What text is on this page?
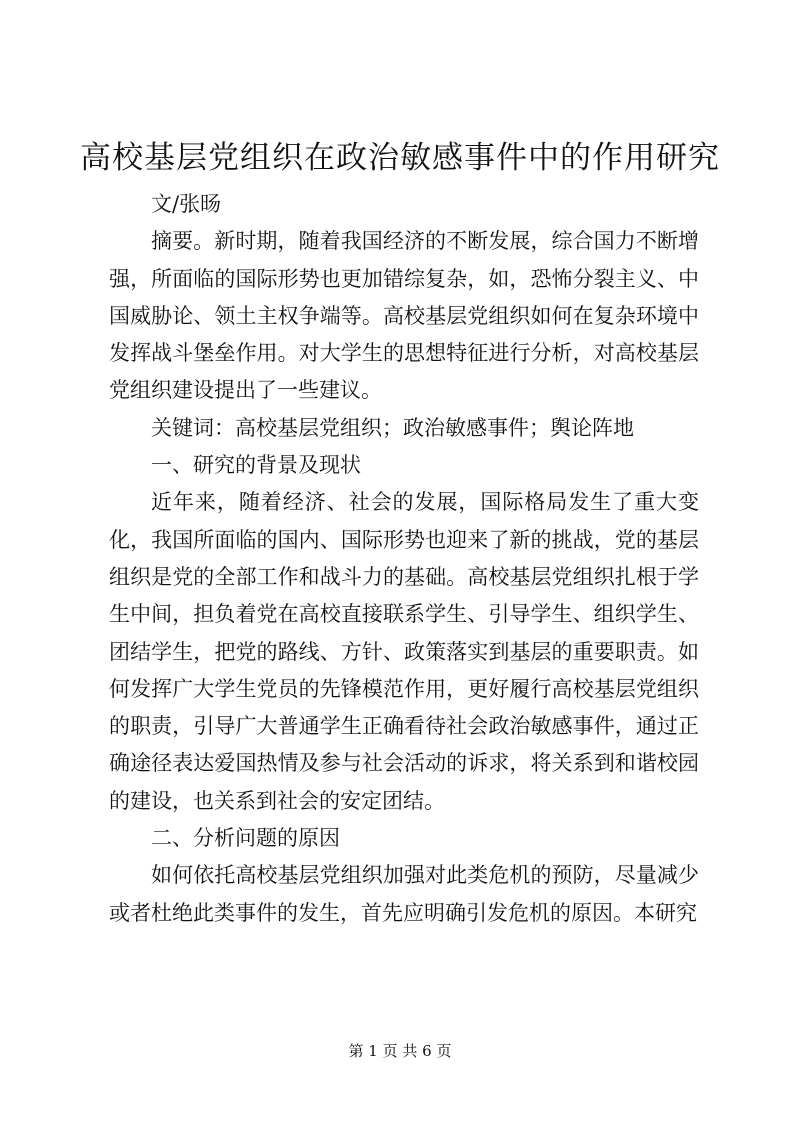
高校基层党组织在政治敏感事件中的作用研究

文/张旸

摘要。新时期，随着我国经济的不断发展，综合国力不断增强，所面临的国际形势也更加错综复杂，如，恐怖分裂主义、中国威胁论、领土主权争端等。高校基层党组织如何在复杂环境中发挥战斗堡垒作用。对大学生的思想特征进行分析，对高校基层党组织建设提出了一些建议。

关键词：高校基层党组织；政治敏感事件；舆论阵地

一、研究的背景及现状

近年来，随着经济、社会的发展，国际格局发生了重大变化，我国所面临的国内、国际形势也迎来了新的挑战，党的基层组织是党的全部工作和战斗力的基础。高校基层党组织扎根于学生中间，担负着党在高校直接联系学生、引导学生、组织学生、团结学生，把党的路线、方针、政策落实到基层的重要职责。如何发挥广大学生党员的先锋模范作用，更好履行高校基层党组织的职责，引导广大普通学生正确看待社会政治敏感事件，通过正确途径表达爱国热情及参与社会活动的诉求，将关系到和谐校园的建设，也关系到社会的安定团结。

二、分析问题的原因

如何依托高校基层党组织加强对此类危机的预防，尽量减少或者杜绝此类事件的发生，首先应明确引发危机的原因。本研究

第 1 页 共 6 页
